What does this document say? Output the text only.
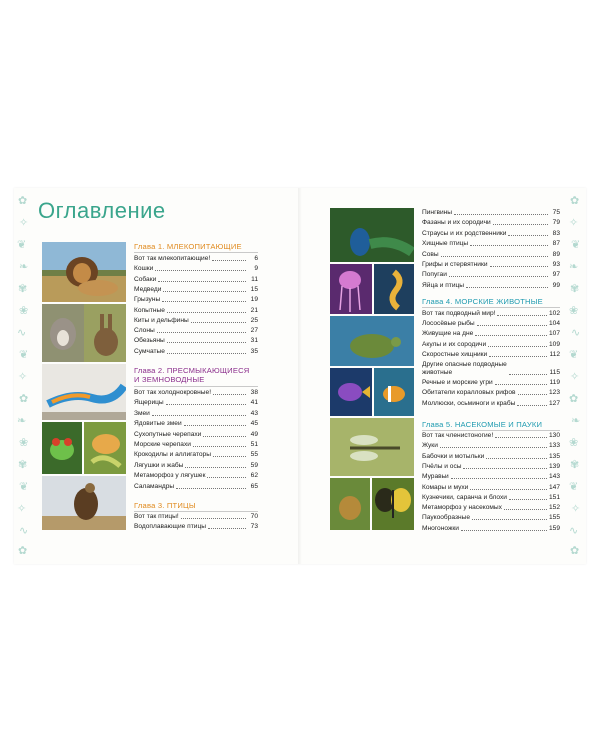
✿
✧
❦
❧
✾
❀
∿
❦
✧
✿
❧
❀
✾
❦
✧
∿
✿
✿
✧
❦
❧
✾
❀
∿
❦
✧
✿
❧
❀
✾
❦
✧
∿
✿
Оглавление
Глава 1. МЛЕКОПИТАЮЩИЕ
Вот так млекопитающие!	6
Кошки	9
Собаки	11
Медведи	15
Грызуны	19
Копытные	21
Киты и дельфины	25
Слоны	27
Обезьяны	31
Сумчатые	35
Глава 2. ПРЕСМЫКАЮЩИЕСЯ
И ЗЕМНОВОДНЫЕ
Вот так холоднокровные!	38
Ящерицы	41
Змеи	43
Ядовитые змеи	45
Сухопутные черепахи	49
Морские черепахи	51
Крокодилы и аллигаторы	55
Лягушки и жабы	59
Метаморфоз у лягушек	62
Саламандры	65
Глава 3. ПТИЦЫ
Вот так птицы!	70
Водоплавающие птицы	73
Пингвины	75
Фазаны и их сородичи	79
Страусы и их родственники	83
Хищные птицы	87
Совы	89
Грифы и стервятники	93
Попугаи	97
Яйца и птицы	99
Глава 4. МОРСКИЕ ЖИВОТНЫЕ
Вот так подводный мир!	102
Лососёвые рыбы	104
Живущие на дне	107
Акулы и их сородичи	109
Скоростные хищники	112
Другие опасные подводные
животные	115
Речные и морские угри	119
Обитатели коралловых рифов	123
Моллюски, осьминоги и крабы	127
Глава 5. НАСЕКОМЫЕ И ПАУКИ
Вот так членистоногие!	130
Жуки	133
Бабочки и мотыльки	135
Пчёлы и осы	139
Муравьи	143
Комары и мухи	147
Кузнечики, саранча и блохи	151
Метаморфоз у насекомых	152
Паукообразные	155
Многоножки	159
